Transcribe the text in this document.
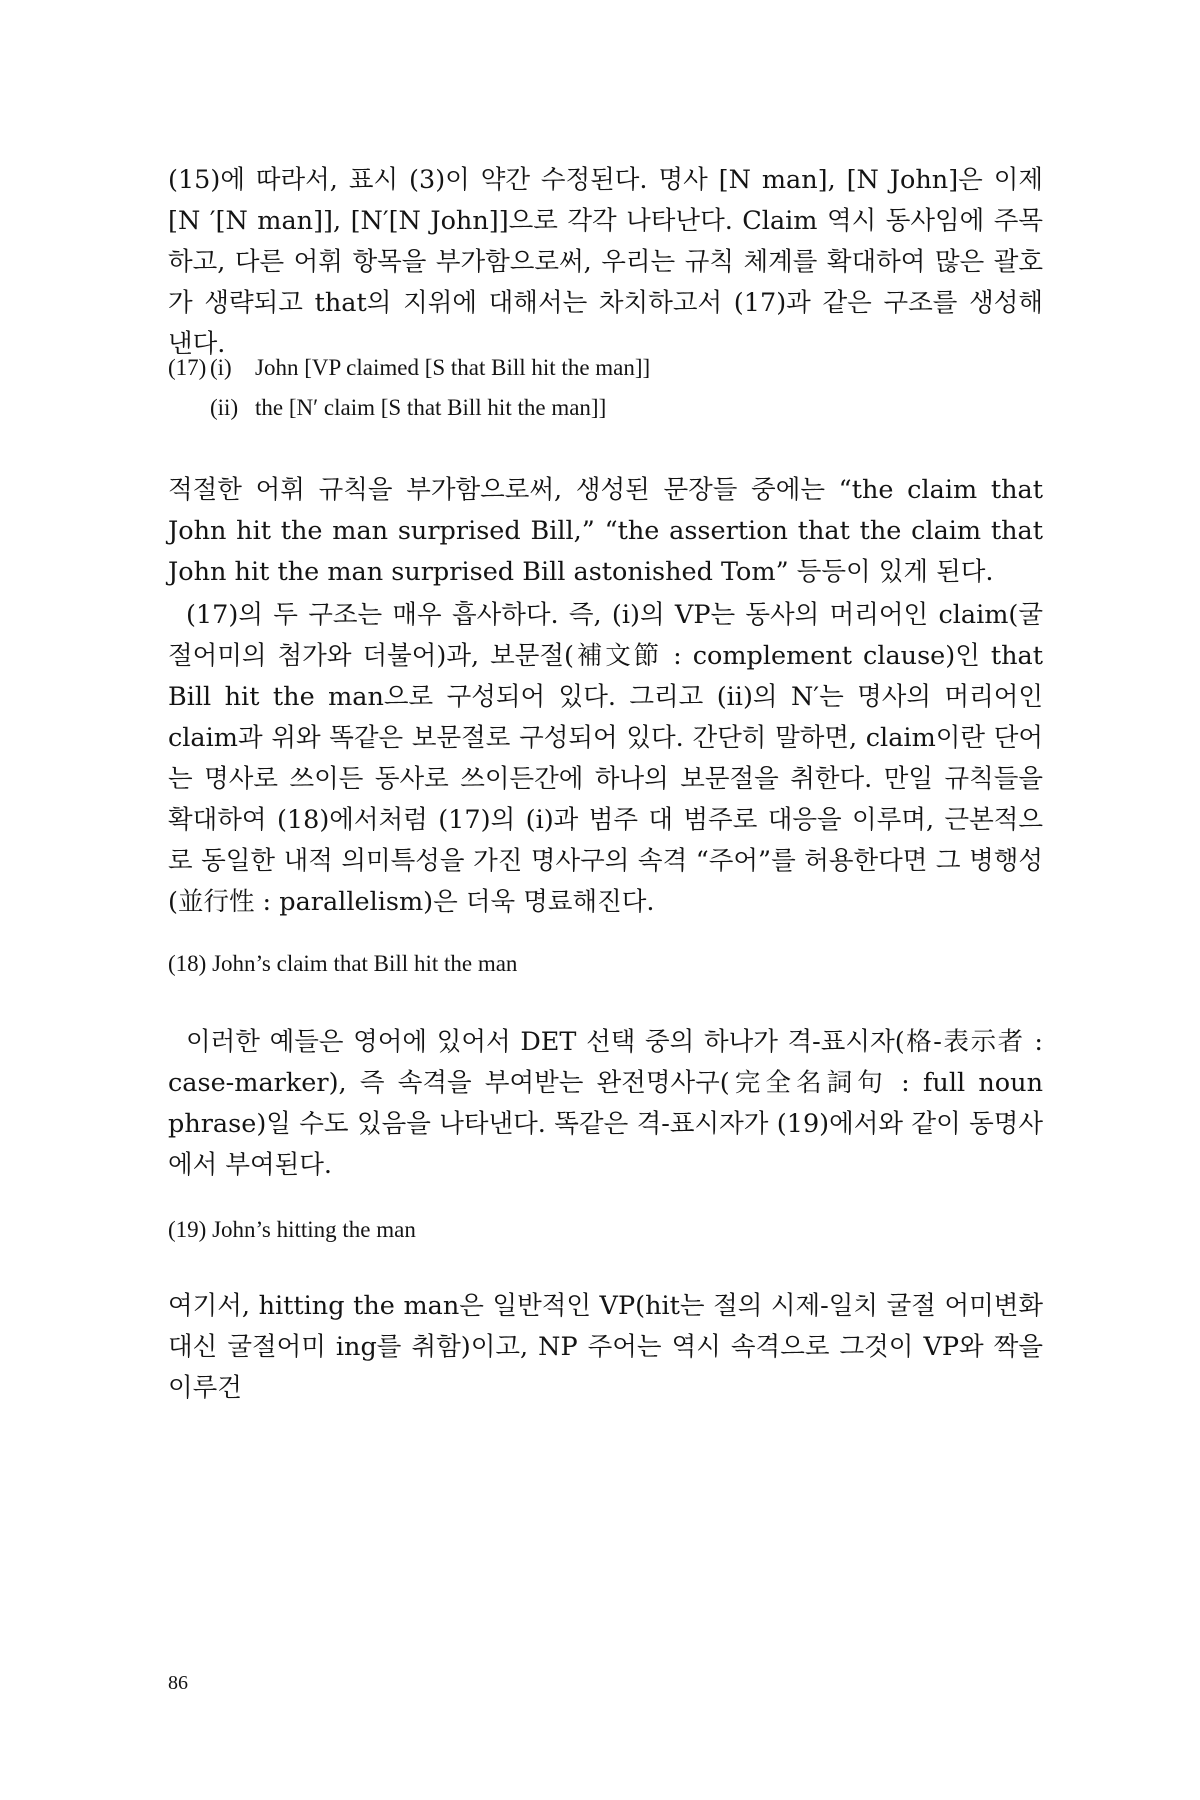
(15)에 따라서, 표시 (3)이 약간 수정된다. 명사 [N man], [N John]은 이제 [N ′[N man]], [N′[N John]]으로 각각 나타난다. Claim 역시 동사임에 주목하고, 다른 어휘 항목을 부가함으로써, 우리는 규칙 체계를 확대하여 많은 괄호가 생략되고 that의 지위에 대해서는 차치하고서 (17)과 같은 구조를 생성해 낸다.

(17) (i) John [VP claimed [S that Bill hit the man]]
(ii) the [N′ claim [S that Bill hit the man]]

적절한 어휘 규칙을 부가함으로써, 생성된 문장들 중에는 “the claim that John hit the man surprised Bill,” “the assertion that the claim that John hit the man surprised Bill astonished Tom” 등등이 있게 된다.

(17)의 두 구조는 매우 흡사하다. 즉, (i)의 VP는 동사의 머리어인 claim(굴절어미의 첨가와 더불어)과, 보문절(補文節 : complement clause)인 that Bill hit the man으로 구성되어 있다. 그리고 (ii)의 N′는 명사의 머리어인 claim과 위와 똑같은 보문절로 구성되어 있다. 간단히 말하면, claim이란 단어는 명사로 쓰이든 동사로 쓰이든간에 하나의 보문절을 취한다. 만일 규칙들을 확대하여 (18)에서처럼 (17)의 (i)과 범주 대 범주로 대응을 이루며, 근본적으로 동일한 내적 의미특성을 가진 명사구의 속격 “주어”를 허용한다면 그 병행성(並行性 : parallelism)은 더욱 명료해진다.

(18) John’s claim that Bill hit the man

이러한 예들은 영어에 있어서 DET 선택 중의 하나가 격-표시자(格-表示者 : case-marker), 즉 속격을 부여받는 완전명사구(完全名詞句 : full noun phrase)일 수도 있음을 나타낸다. 똑같은 격-표시자가 (19)에서와 같이 동명사에서 부여된다.

(19) John’s hitting the man

여기서, hitting the man은 일반적인 VP(hit는 절의 시제-일치 굴절 어미변화 대신 굴절어미 ing를 취함)이고, NP 주어는 역시 속격으로 그것이 VP와 짝을 이루건

86
